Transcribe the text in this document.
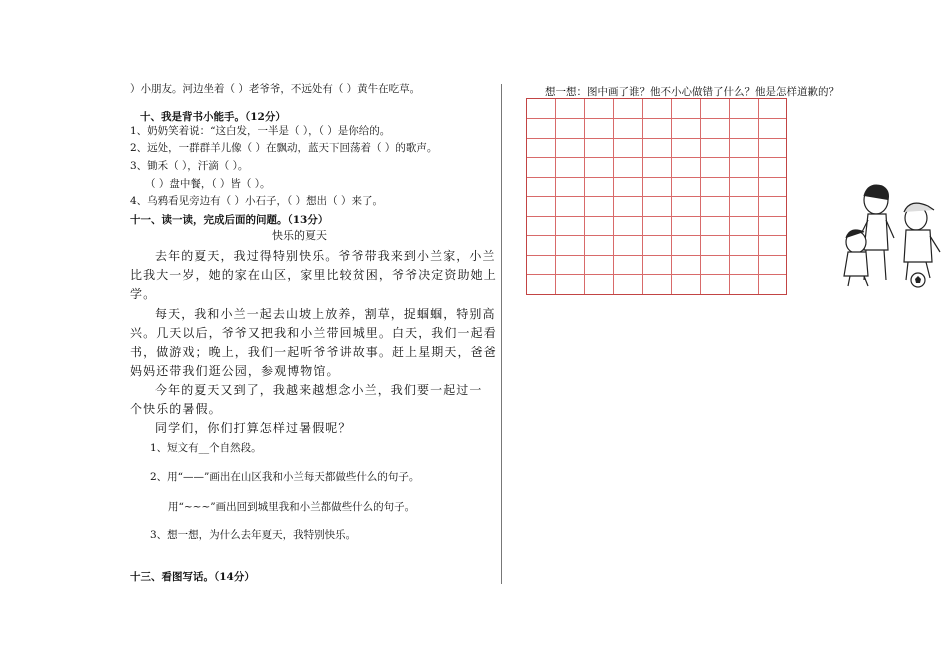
）小朋友。河边坐着（ ）老爷爷，不远处有（ ）黄牛在吃草。
十、我是背书小能手。（12分）
1、奶奶笑着说：“这白发，一半是（ ），（ ）是你给的。
2、远处，一群群羊儿像（ ）在飘动，蓝天下回荡着（ ）的歌声。
3、锄禾（ ），汗滴（ ）。
（ ）盘中餐，（ ）皆（ ）。
4、乌鸦看见旁边有（ ）小石子，（ ）想出（ ）来了。
十一、读一读，完成后面的问题。（13分）
快乐的夏天
去年的夏天，我过得特别快乐。爷爷带我来到小兰家，小兰
比我大一岁，她的家在山区，家里比较贫困，爷爷决定资助她上
学。
每天，我和小兰一起去山坡上放养，割草，捉蝈蝈，特别高
兴。几天以后，爷爷又把我和小兰带回城里。白天，我们一起看
书，做游戏；晚上，我们一起听爷爷讲故事。赶上星期天，爸爸
妈妈还带我们逛公园，参观博物馆。
今年的夏天又到了，我越来越想念小兰，我们要一起过一
个快乐的暑假。
同学们，你们打算怎样过暑假呢？
1、短文有__个自然段。
2、用“——”画出在山区我和小兰每天都做些什么的句子。
用“~~~”画出回到城里我和小兰都做些什么的句子。
3、想一想，为什么去年夏天，我特别快乐。
十三、看图写话。（14分）
想一想：图中画了谁？他不小心做错了什么？他是怎样道歉的？
